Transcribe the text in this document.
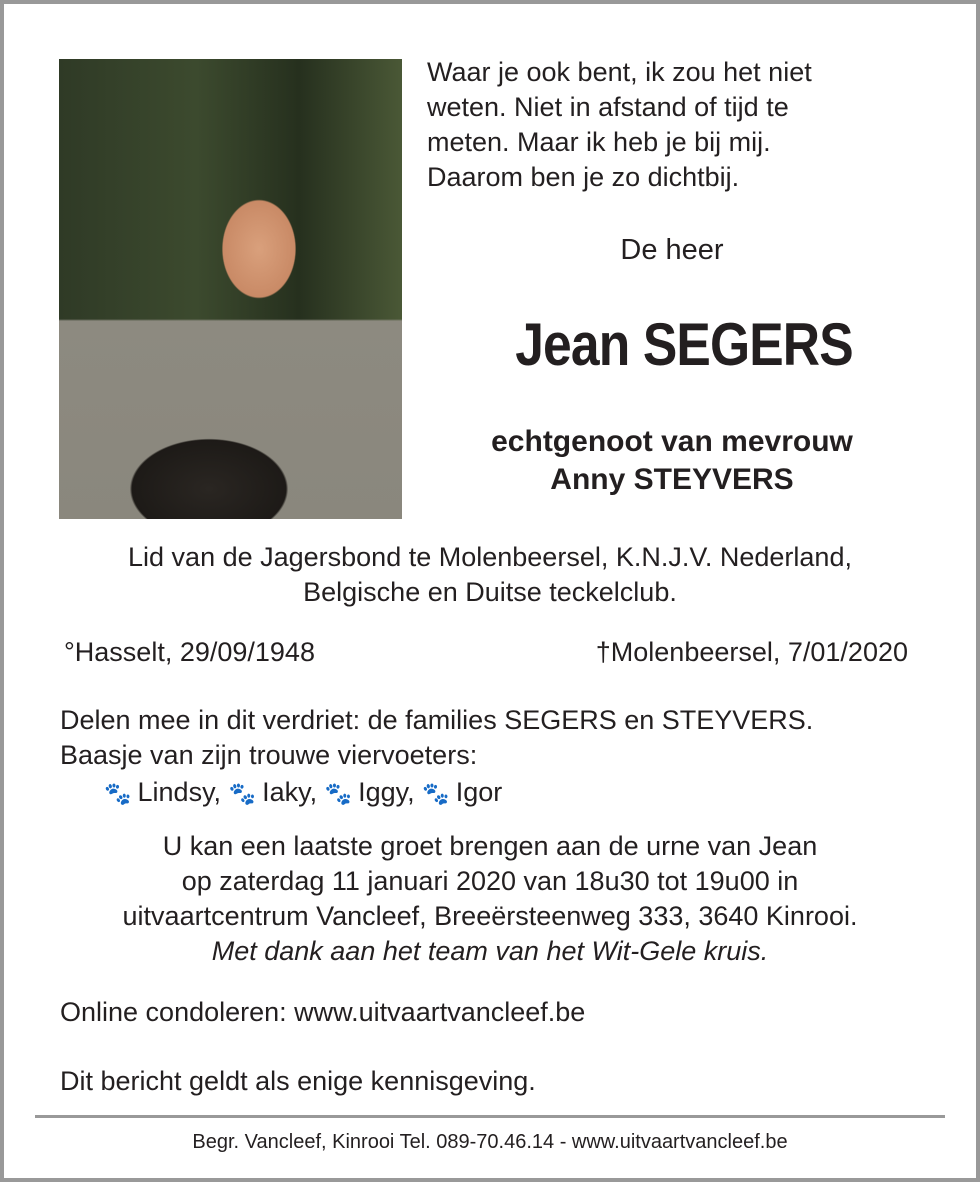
Waar je ook bent, ik zou het niet
weten. Niet in afstand of tijd te
meten. Maar ik heb je bij mij.
Daarom ben je zo dichtbij.
De heer
Jean SEGERS
echtgenoot van mevrouw
Anny STEYVERS
Lid van de Jagersbond te Molenbeersel, K.N.J.V. Nederland,
Belgische en Duitse teckelclub.
°Hasselt, 29/09/1948	†Molenbeersel, 7/01/2020
Delen mee in dit verdriet: de families SEGERS en STEYVERS.
Baasje van zijn trouwe viervoeters:
🐾 Lindsy, 🐾 Iaky, 🐾 Iggy, 🐾 Igor
U kan een laatste groet brengen aan de urne van Jean
op zaterdag 11 januari 2020 van 18u30 tot 19u00 in
uitvaartcentrum Vancleef, Breeërsteenweg 333, 3640 Kinrooi.
Met dank aan het team van het Wit-Gele kruis.
Online condoleren: www.uitvaartvancleef.be
Dit bericht geldt als enige kennisgeving.
Begr. Vancleef, Kinrooi Tel. 089-70.46.14 - www.uitvaartvancleef.be
